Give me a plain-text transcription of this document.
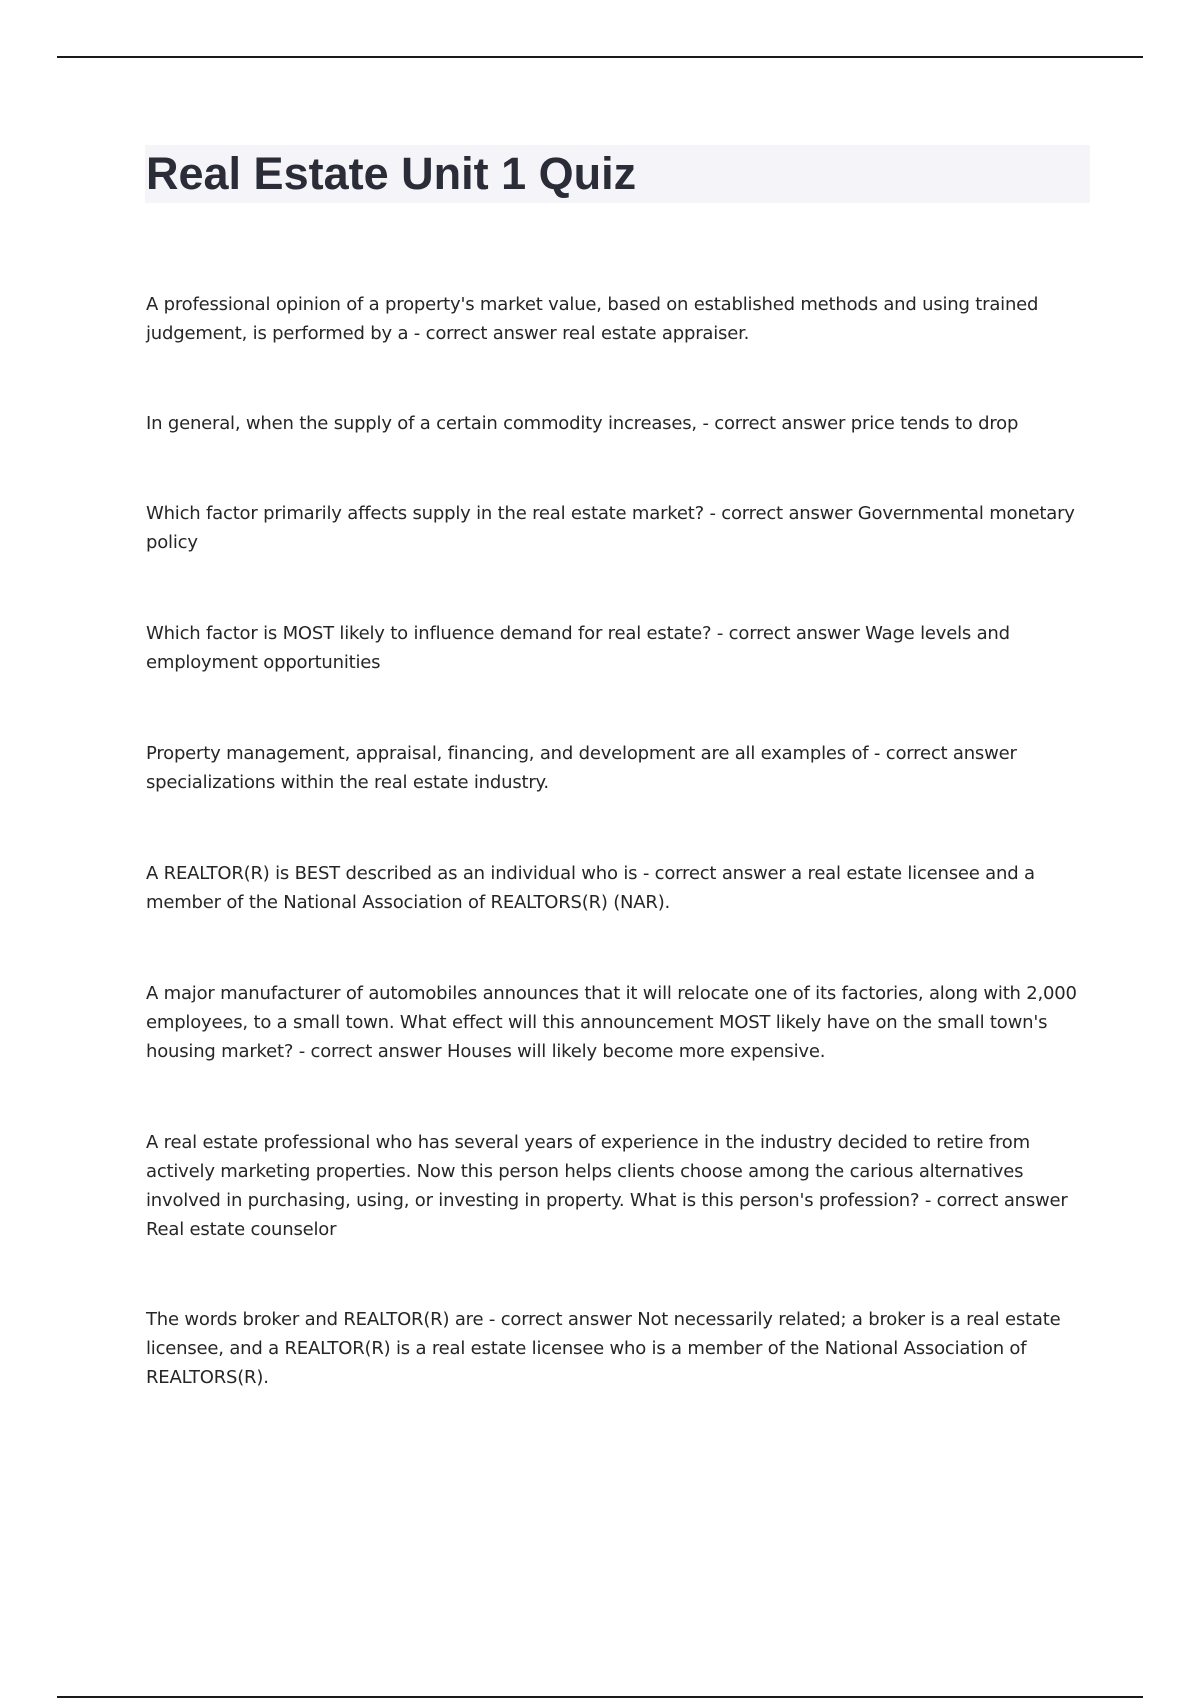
Real Estate Unit 1 Quiz
A professional opinion of a property's market value, based on established methods and using trained judgement, is performed by a - correct answer real estate appraiser.
In general, when the supply of a certain commodity increases, - correct answer price tends to drop
Which factor primarily affects supply in the real estate market? - correct answer Governmental monetary policy
Which factor is MOST likely to influence demand for real estate? - correct answer Wage levels and employment opportunities
Property management, appraisal, financing, and development are all examples of - correct answer specializations within the real estate industry.
A REALTOR(R) is BEST described as an individual who is - correct answer a real estate licensee and a member of the National Association of REALTORS(R) (NAR).
A major manufacturer of automobiles announces that it will relocate one of its factories, along with 2,000 employees, to a small town. What effect will this announcement MOST likely have on the small town's housing market? - correct answer Houses will likely become more expensive.
A real estate professional who has several years of experience in the industry decided to retire from actively marketing properties. Now this person helps clients choose among the carious alternatives involved in purchasing, using, or investing in property. What is this person's profession? - correct answer Real estate counselor
The words broker and REALTOR(R) are - correct answer Not necessarily related; a broker is a real estate licensee, and a REALTOR(R) is a real estate licensee who is a member of the National Association of REALTORS(R).
